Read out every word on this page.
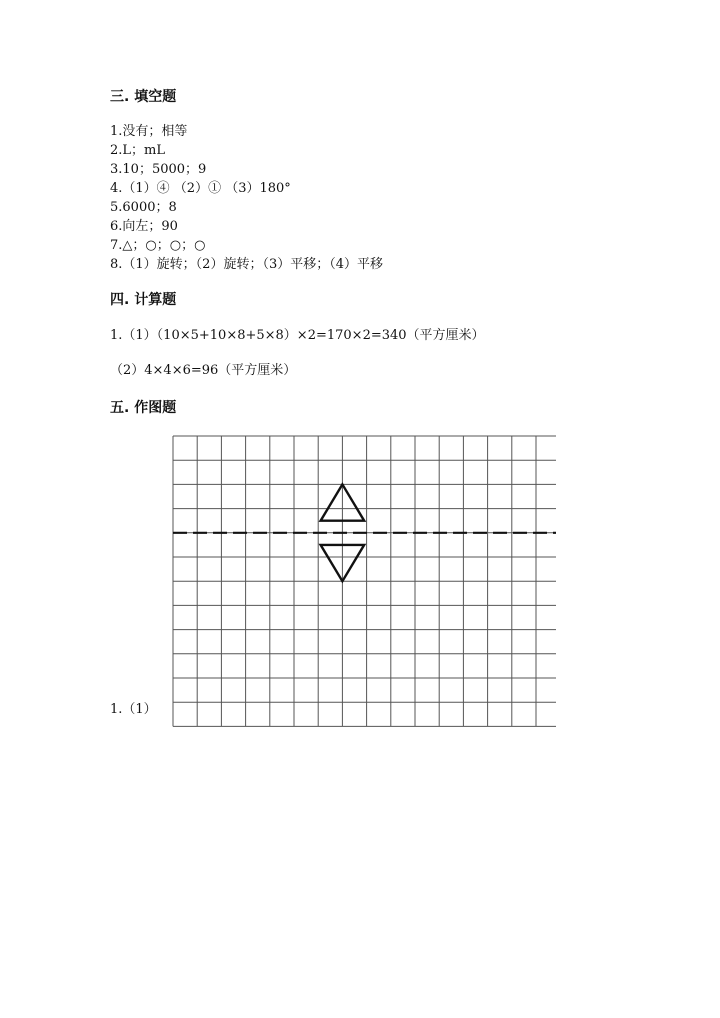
三. 填空题
1.没有；相等
2.L；mL
3.10；5000；9
4.（1）④ （2）① （3）180°
5.6000；8
6.向左；90
7.△；○；○；○
8.（1）旋转；（2）旋转；（3）平移；（4）平移
四. 计算题
1.（1）（10×5+10×8+5×8）×2=170×2=340（平方厘米）
（2）4×4×6=96（平方厘米）
五. 作图题
1.（1）
